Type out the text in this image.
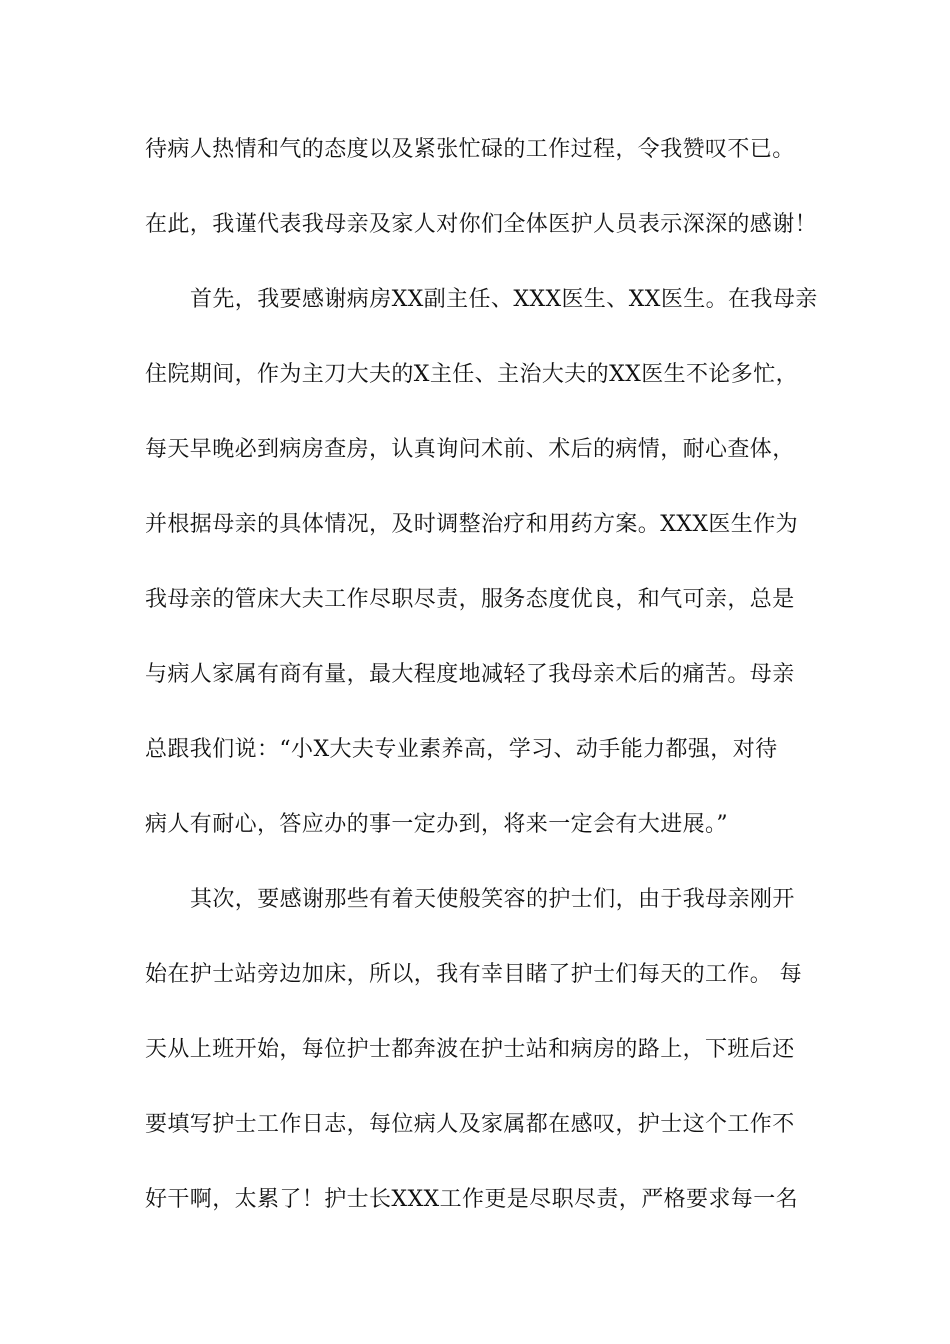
待病人热情和气的态度以及紧张忙碌的工作过程，令我赞叹不已。
在此，我谨代表我母亲及家人对你们全体医护人员表示深深的感谢！
首先，我要感谢病房XX副主任、XXX医生、XX医生。在我母亲
住院期间，作为主刀大夫的X主任、主治大夫的XX医生不论多忙，
每天早晚必到病房查房，认真询问术前、术后的病情，耐心查体，
并根据母亲的具体情况，及时调整治疗和用药方案。XXX医生作为
我母亲的管床大夫工作尽职尽责，服务态度优良，和气可亲，总是
与病人家属有商有量，最大程度地减轻了我母亲术后的痛苦。母亲
总跟我们说：“小X大夫专业素养高，学习、动手能力都强，对待
病人有耐心，答应办的事一定办到，将来一定会有大进展。”
其次，要感谢那些有着天使般笑容的护士们，由于我母亲刚开
始在护士站旁边加床，所以，我有幸目睹了护士们每天的工作。 每
天从上班开始，每位护士都奔波在护士站和病房的路上，下班后还
要填写护士工作日志，每位病人及家属都在感叹，护士这个工作不
好干啊，太累了！护士长XXX工作更是尽职尽责，严格要求每一名
